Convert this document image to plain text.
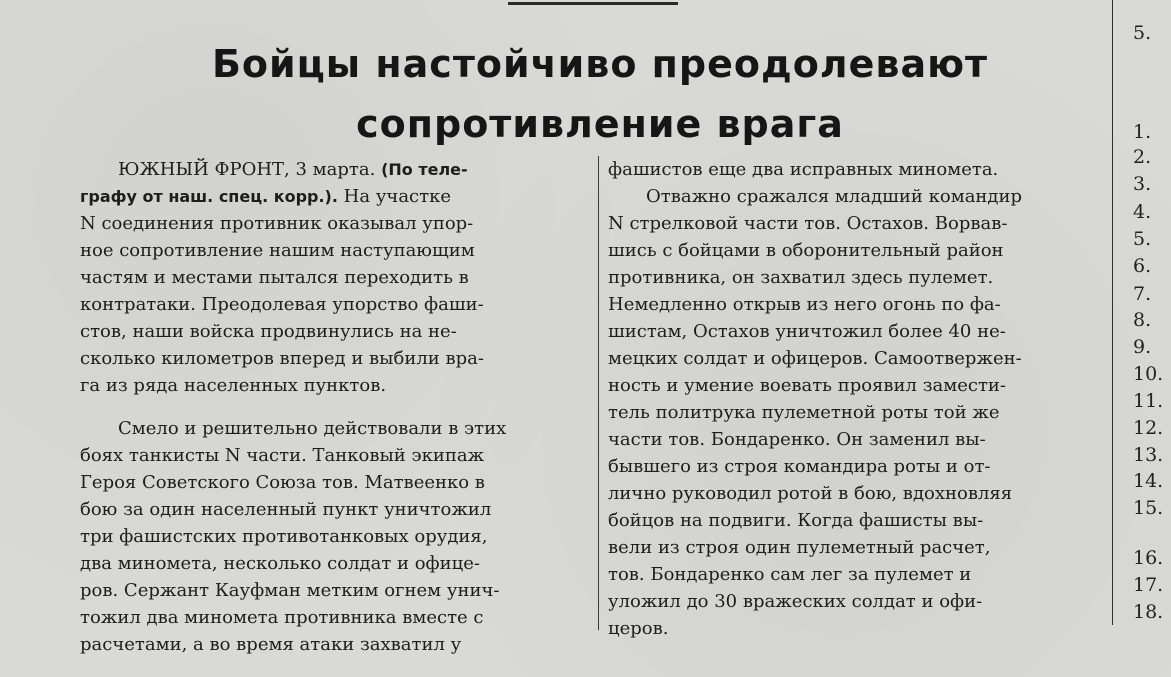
Бойцы настойчиво преодолевают
сопротивление врага
ЮЖНЫЙ ФРОНТ, 3 марта. (По теле-
графу от наш. спец. корр.). На участке
N соединения противник оказывал упор-
ное сопротивление нашим наступающим
частям и местами пытался переходить в
контратаки. Преодолевая упорство фаши-
стов, наши войска продвинулись на не-
сколько километров вперед и выбили вра-
га из ряда населенных пунктов.
Смело и решительно действовали в этих
боях танкисты N части. Танковый экипаж
Героя Советского Союза тов. Матвеенко в
бою за один населенный пункт уничтожил
три фашистских противотанковых орудия,
два миномета, несколько солдат и офице-
ров. Сержант Кауфман метким огнем унич-
тожил два миномета противника вместе с
расчетами, а во время атаки захватил у
фашистов еще два исправных миномета.
Отважно сражался младший командир
N стрелковой части тов. Остахов. Ворвав-
шись с бойцами в оборонительный район
противника, он захватил здесь пулемет.
Немедленно открыв из него огонь по фа-
шистам, Остахов уничтожил более 40 не-
мецких солдат и офицеров. Самоотвержен-
ность и умение воевать проявил замести-
тель политрука пулеметной роты той же
части тов. Бондаренко. Он заменил вы-
бывшего из строя командира роты и от-
лично руководил ротой в бою, вдохновляя
бойцов на подвиги. Когда фашисты вы-
вели из строя один пулеметный расчет,
тов. Бондаренко сам лег за пулемет и
уложил до 30 вражеских солдат и офи-
церов.
5.
1.
2.
3.
4.
5.
6.
7.
8.
9.
10.
11.
12.
13.
14.
15.
16.
17.
18.
